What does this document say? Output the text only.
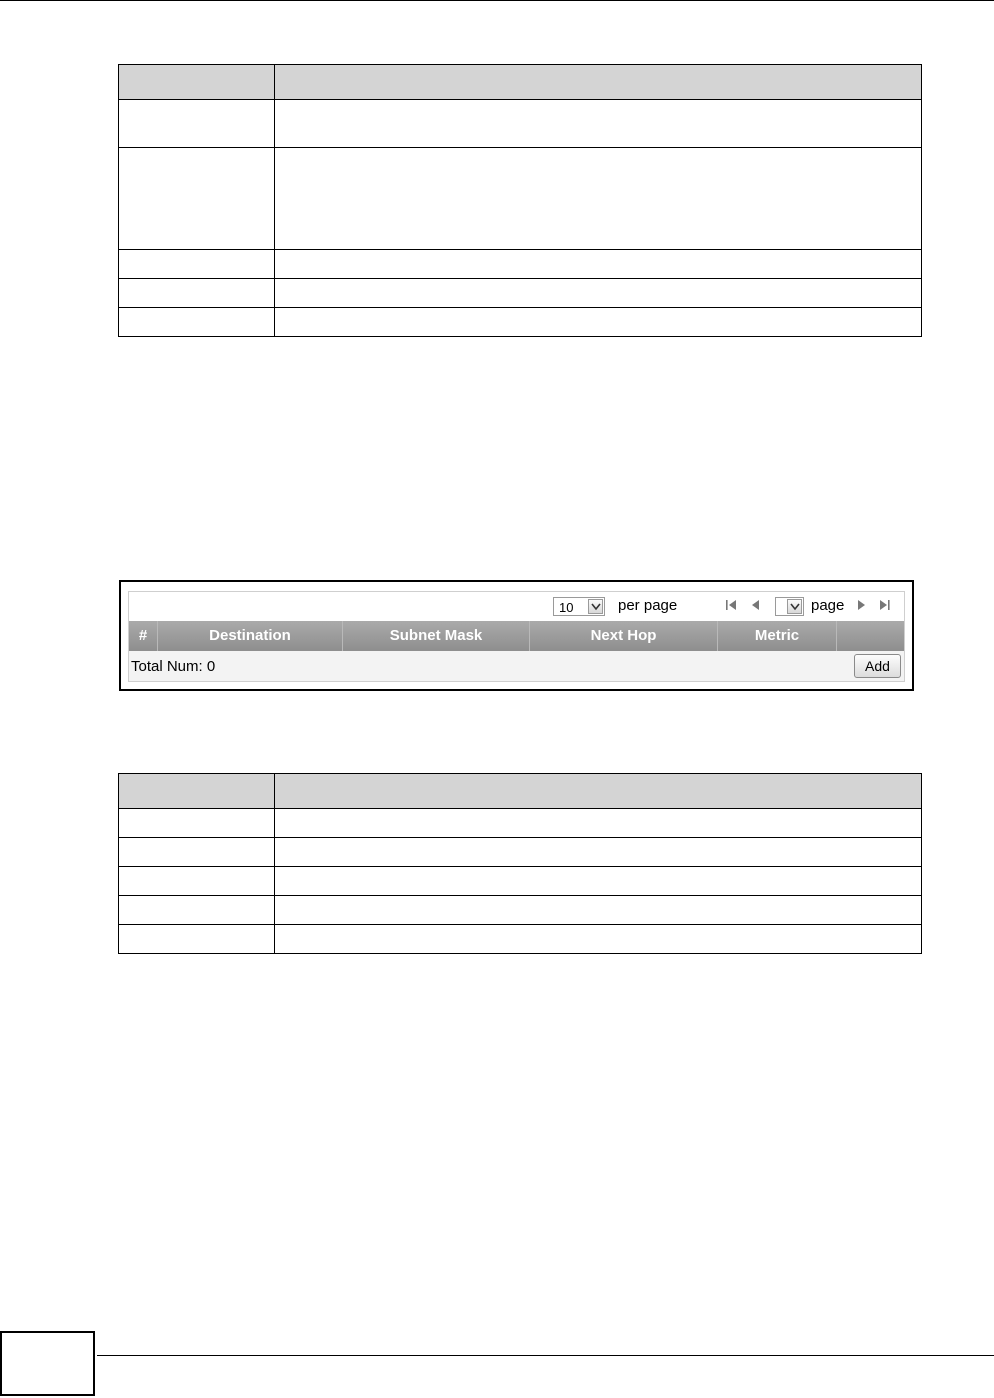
10	per page	page
#	Destination	Subnet Mask	Next Hop	Metric
Total Num: 0	Add
